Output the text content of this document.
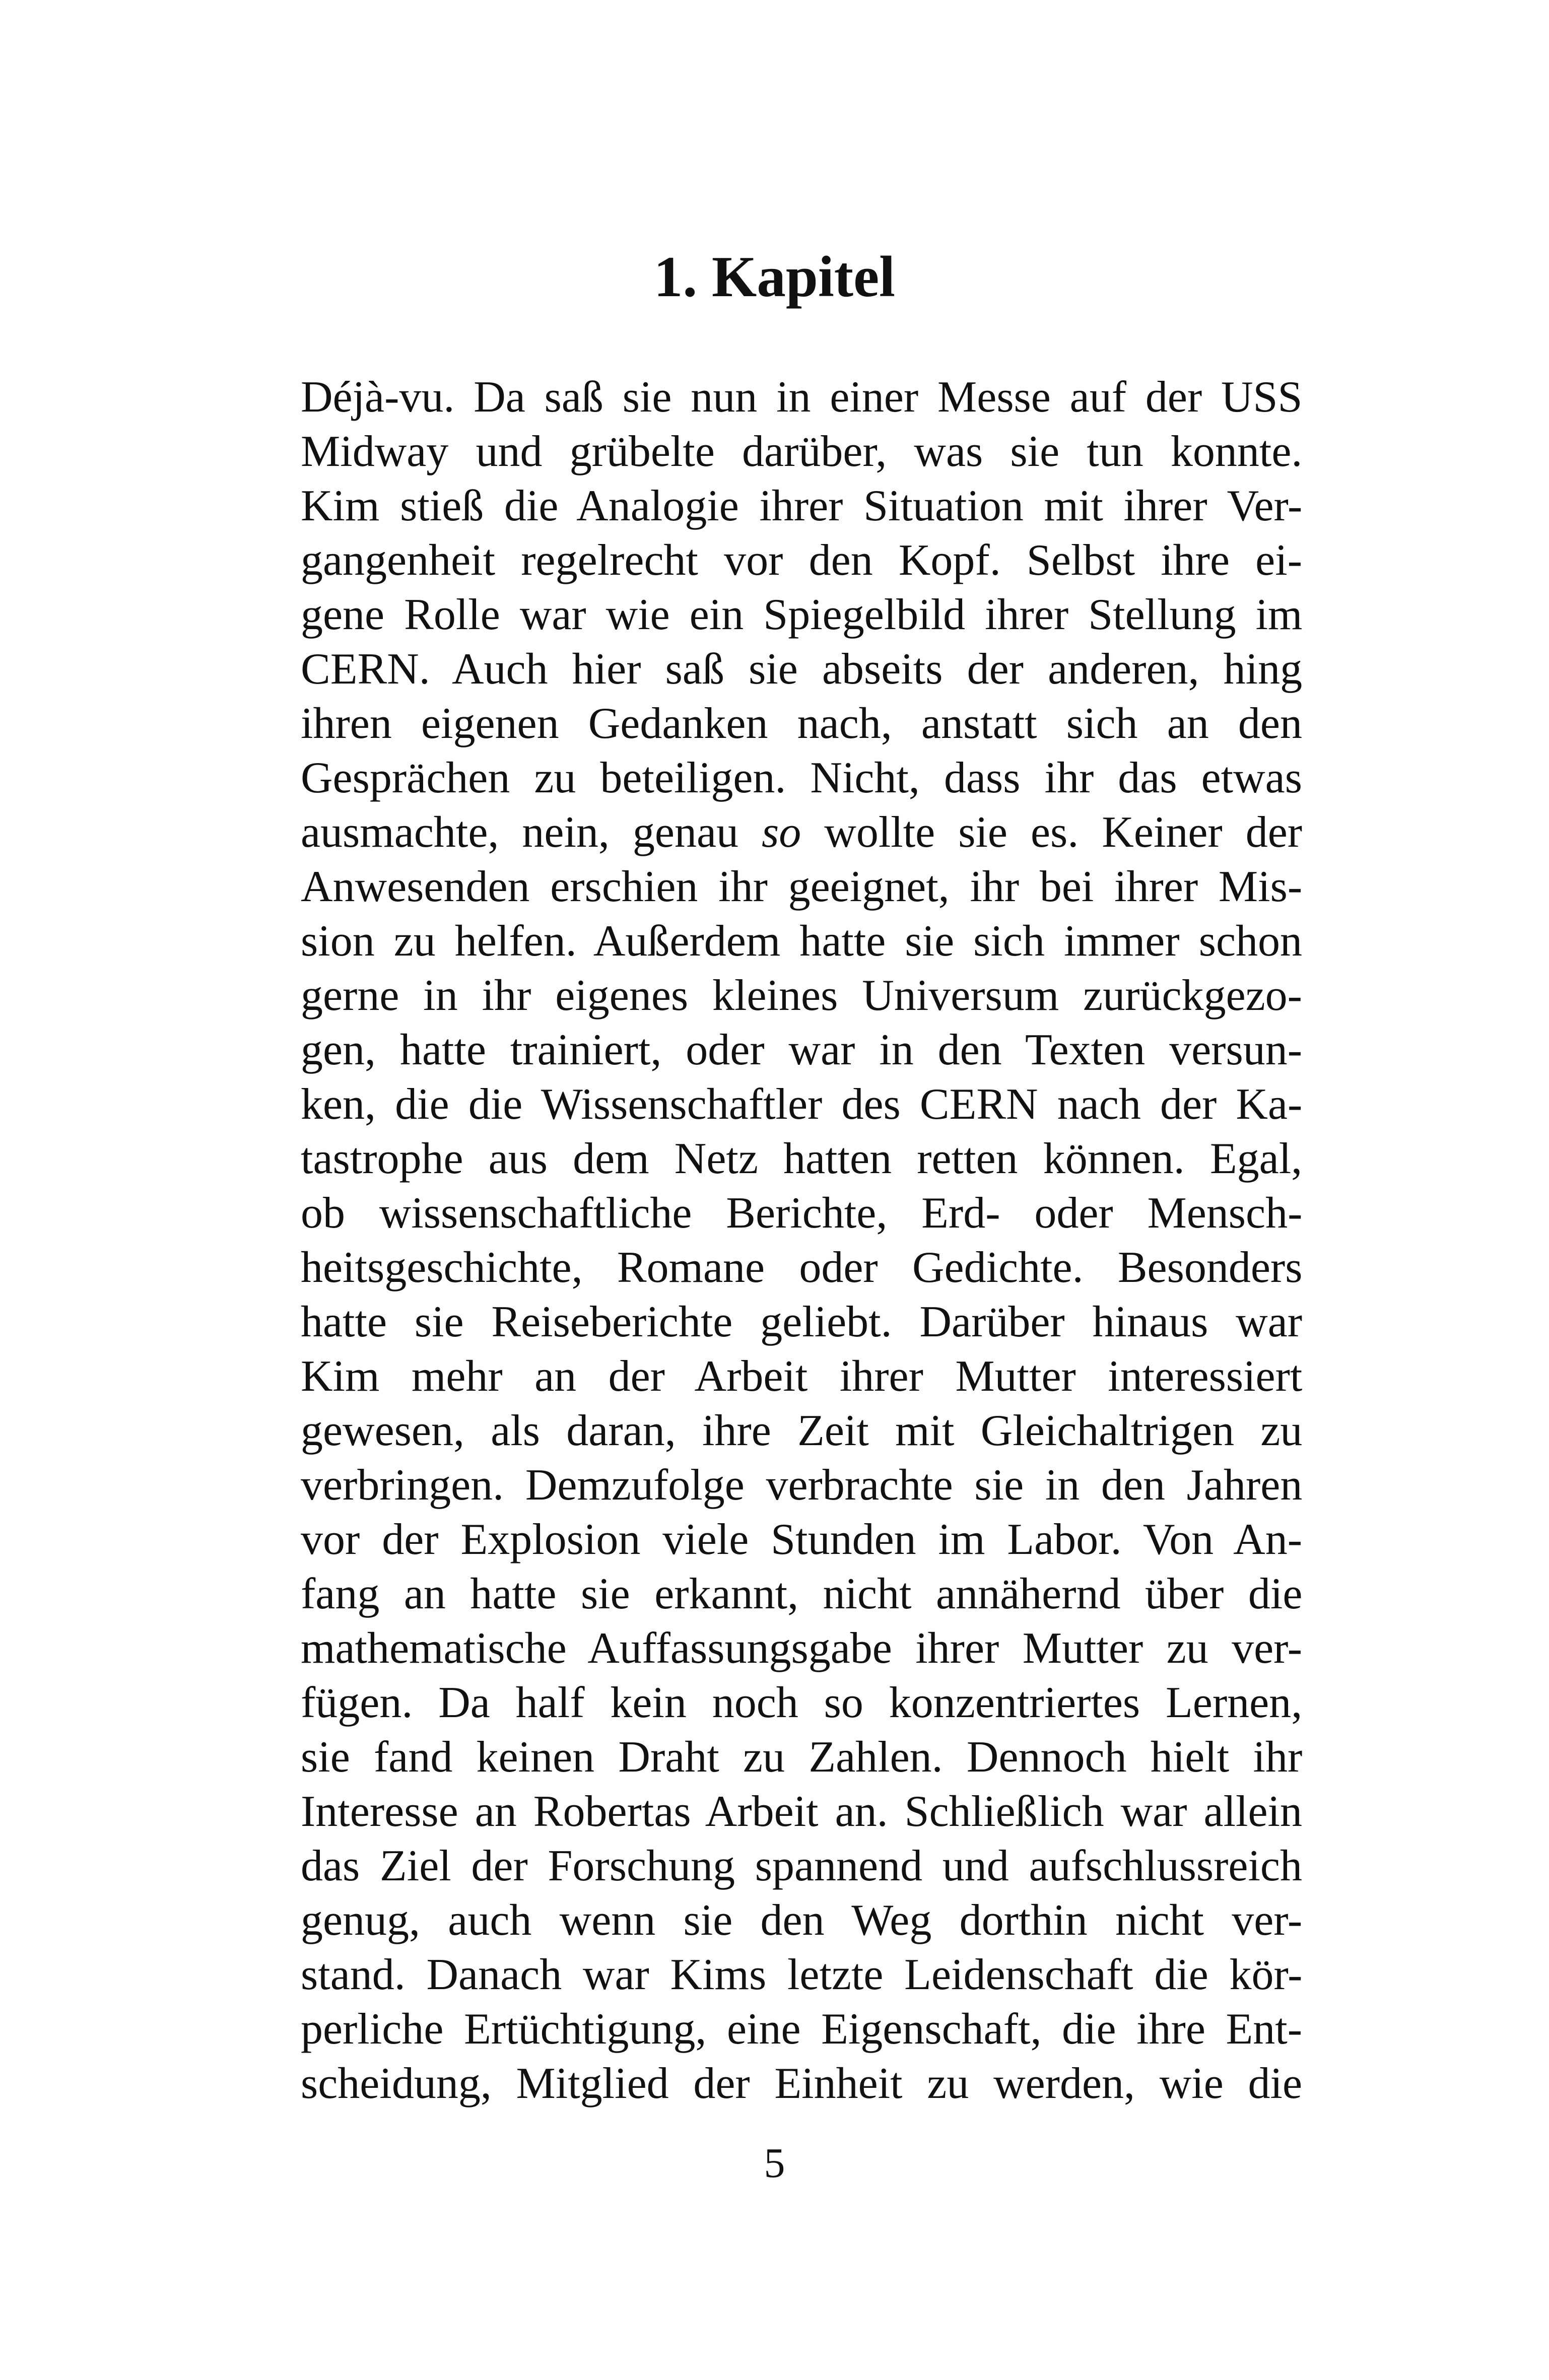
1. Kapitel
Déjà-vu. Da saß sie nun in einer Messe auf der USS
Midway und grübelte darüber, was sie tun konnte.
Kim stieß die Analogie ihrer Situation mit ihrer Ver-
gangenheit regelrecht vor den Kopf. Selbst ihre ei-
gene Rolle war wie ein Spiegelbild ihrer Stellung im
CERN. Auch hier saß sie abseits der anderen, hing
ihren eigenen Gedanken nach, anstatt sich an den
Gesprächen zu beteiligen. Nicht, dass ihr das etwas
ausmachte, nein, genau so wollte sie es. Keiner der
Anwesenden erschien ihr geeignet, ihr bei ihrer Mis-
sion zu helfen. Außerdem hatte sie sich immer schon
gerne in ihr eigenes kleines Universum zurückgezo-
gen, hatte trainiert, oder war in den Texten versun-
ken, die die Wissenschaftler des CERN nach der Ka-
tastrophe aus dem Netz hatten retten können. Egal,
ob wissenschaftliche Berichte, Erd- oder Mensch-
heitsgeschichte, Romane oder Gedichte. Besonders
hatte sie Reiseberichte geliebt. Darüber hinaus war
Kim mehr an der Arbeit ihrer Mutter interessiert
gewesen, als daran, ihre Zeit mit Gleichaltrigen zu
verbringen. Demzufolge verbrachte sie in den Jahren
vor der Explosion viele Stunden im Labor. Von An-
fang an hatte sie erkannt, nicht annähernd über die
mathematische Auffassungsgabe ihrer Mutter zu ver-
fügen. Da half kein noch so konzentriertes Lernen,
sie fand keinen Draht zu Zahlen. Dennoch hielt ihr
Interesse an Robertas Arbeit an. Schließlich war allein
das Ziel der Forschung spannend und aufschlussreich
genug, auch wenn sie den Weg dorthin nicht ver-
stand. Danach war Kims letzte Leidenschaft die kör-
perliche Ertüchtigung, eine Eigenschaft, die ihre Ent-
scheidung, Mitglied der Einheit zu werden, wie die
5
